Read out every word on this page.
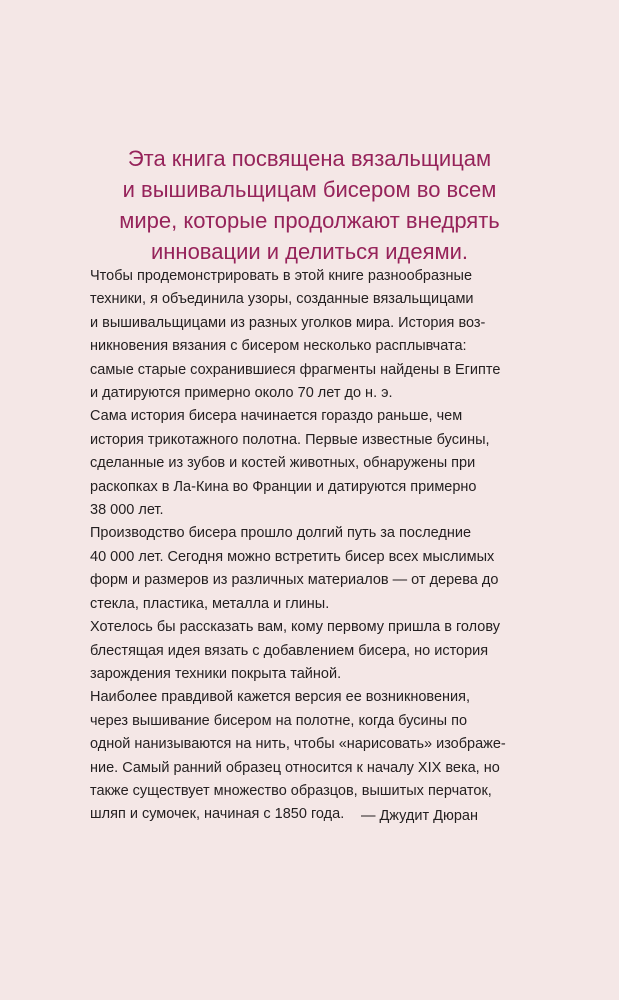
Эта книга посвящена вязальщицам
и вышивальщицам бисером во всем
мире, которые продолжают внедрять
инновации и делиться идеями.
Чтобы продемонстрировать в этой книге разнообразные
техники, я объединила узоры, созданные вязальщицами
и вышивальщицами из разных уголков мира. История воз-
никновения вязания с бисером несколько расплывчата:
самые старые сохранившиеся фрагменты найдены в Египте
и датируются примерно около 70 лет до н. э.
Сама история бисера начинается гораздо раньше, чем
история трикотажного полотна. Первые известные бусины,
сделанные из зубов и костей животных, обнаружены при
раскопках в Ла-Кина во Франции и датируются примерно
38 000 лет.
Производство бисера прошло долгий путь за последние
40 000 лет. Сегодня можно встретить бисер всех мыслимых
форм и размеров из различных материалов — от дерева до
стекла, пластика, металла и глины.
Хотелось бы рассказать вам, кому первому пришла в голову
блестящая идея вязать с добавлением бисера, но история
зарождения техники покрыта тайной.
Наиболее правдивой кажется версия ее возникновения,
через вышивание бисером на полотне, когда бусины по
одной нанизываются на нить, чтобы «нарисовать» изображе-
ние. Самый ранний образец относится к началу XIX века, но
также существует множество образцов, вышитых перчаток,
шляп и сумочек, начиная с 1850 года.	— Джудит Дюран
